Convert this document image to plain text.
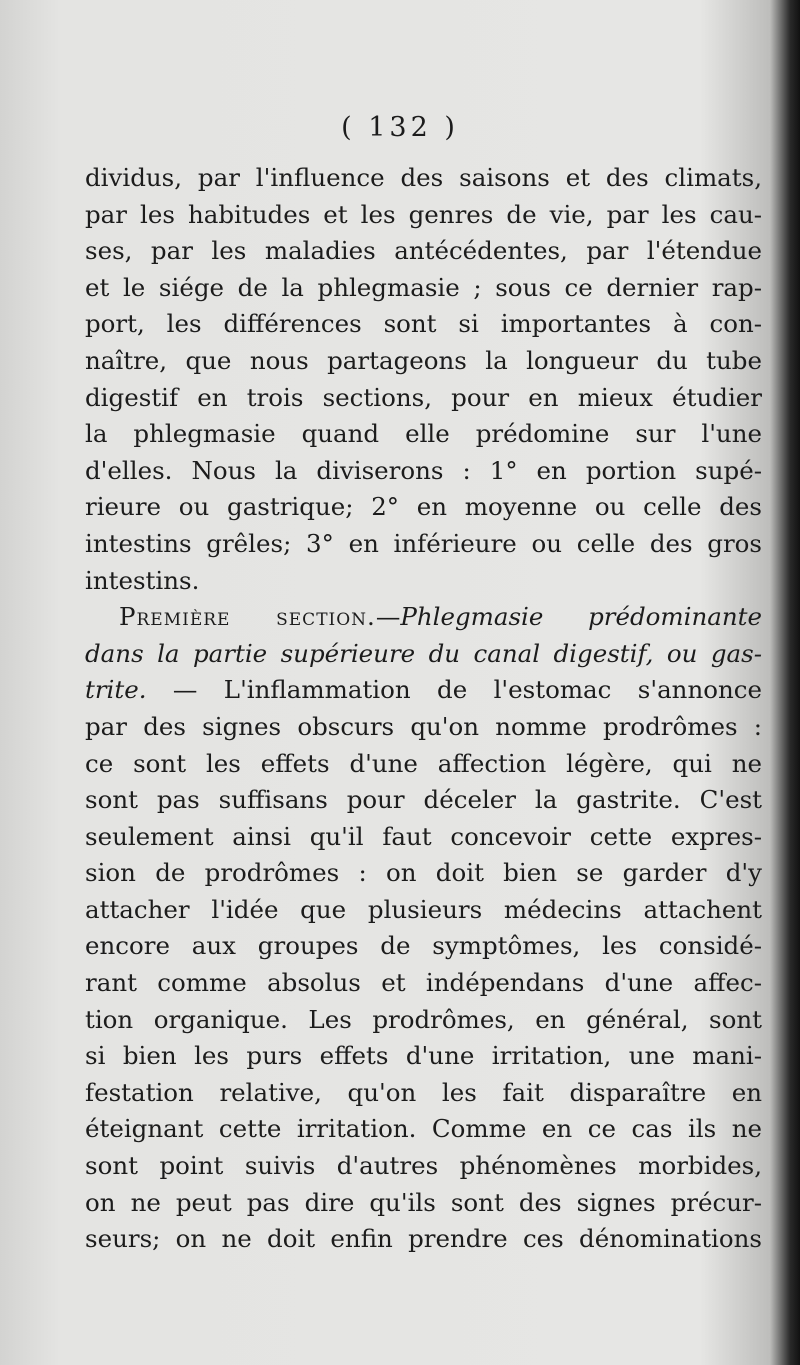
( 132 )
dividus, par l'influence des saisons et des climats,
par les habitudes et les genres de vie, par les cau-
ses, par les maladies antécédentes, par l'étendue
et le siége de la phlegmasie ; sous ce dernier rap-
port, les différences sont si importantes à con-
naître, que nous partageons la longueur du tube
digestif en trois sections, pour en mieux étudier
la phlegmasie quand elle prédomine sur l'une
d'elles. Nous la diviserons : 1° en portion supé-
rieure ou gastrique; 2° en moyenne ou celle des
intestins grêles; 3° en inférieure ou celle des gros
intestins.
Première section.—Phlegmasie prédominante
dans la partie supérieure du canal digestif, ou gas-
trite. — L'inflammation de l'estomac s'annonce
par des signes obscurs qu'on nomme prodrômes :
ce sont les effets d'une affection légère, qui ne
sont pas suffisans pour déceler la gastrite. C'est
seulement ainsi qu'il faut concevoir cette expres-
sion de prodrômes : on doit bien se garder d'y
attacher l'idée que plusieurs médecins attachent
encore aux groupes de symptômes, les considé-
rant comme absolus et indépendans d'une affec-
tion organique. Les prodrômes, en général, sont
si bien les purs effets d'une irritation, une mani-
festation relative, qu'on les fait disparaître en
éteignant cette irritation. Comme en ce cas ils ne
sont point suivis d'autres phénomènes morbides,
on ne peut pas dire qu'ils sont des signes précur-
seurs; on ne doit enfin prendre ces dénominations
